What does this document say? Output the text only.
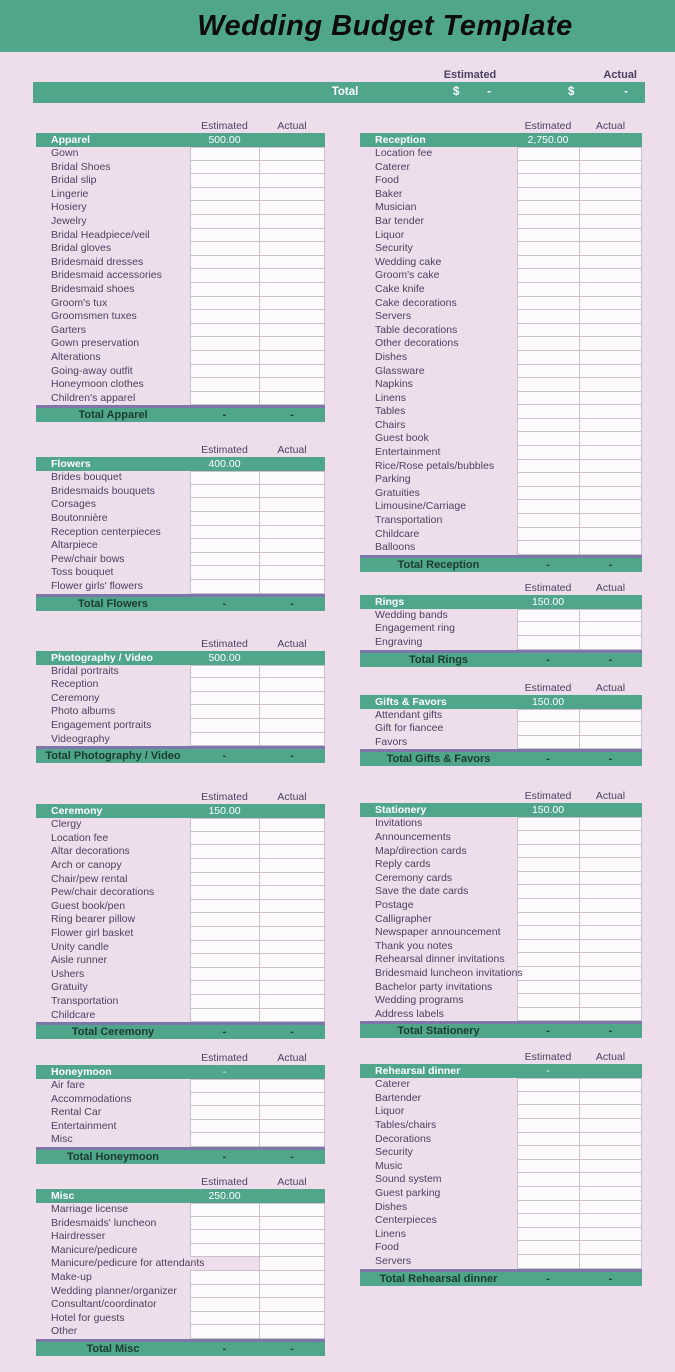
Wedding Budget Template
Estimated	Actual
Total	$	-	$	-
Estimated	Actual
Apparel	500.00
Gown
Bridal Shoes
Bridal slip
Lingerie
Hosiery
Jewelry
Bridal Headpiece/veil
Bridal gloves
Bridesmaid dresses
Bridesmaid accessories
Bridesmaid shoes
Groom's tux
Groomsmen tuxes
Garters
Gown preservation
Alterations
Going-away outfit
Honeymoon clothes
Children's apparel
Total Apparel	-	-
Estimated	Actual
Flowers	400.00
Brides bouquet
Bridesmaids bouquets
Corsages
Boutonnière
Reception centerpieces
Altarpiece
Pew/chair bows
Toss bouquet
Flower girls' flowers
Total Flowers	-	-
Estimated	Actual
Photography / Video	500.00
Bridal portraits
Reception
Ceremony
Photo albums
Engagement portraits
Videography
Total Photography / Video	-	-
Estimated	Actual
Ceremony	150.00
Clergy
Location fee
Altar decorations
Arch or canopy
Chair/pew rental
Pew/chair decorations
Guest book/pen
Ring bearer pillow
Flower girl basket
Unity candle
Aisle runner
Ushers
Gratuity
Transportation
Childcare
Total Ceremony	-	-
Estimated	Actual
Honeymoon	-
Air fare
Accommodations
Rental Car
Entertainment
Misc
Total Honeymoon	-	-
Estimated	Actual
Misc	250.00
Marriage license
Bridesmaids' luncheon
Hairdresser
Manicure/pedicure
Manicure/pedicure for attendants
Make-up
Wedding planner/organizer
Consultant/coordinator
Hotel for guests
Other
Total Misc	-	-
Estimated	Actual
Reception	2,750.00
Location fee
Caterer
Food
Baker
Musician
Bar tender
Liquor
Security
Wedding cake
Groom's cake
Cake knife
Cake decorations
Servers
Table decorations
Other decorations
Dishes
Glassware
Napkins
Linens
Tables
Chairs
Guest book
Entertainment
Rice/Rose petals/bubbles
Parking
Gratuities
Limousine/Carriage
Transportation
Childcare
Balloons
Total Reception	-	-
Estimated	Actual
Rings	150.00
Wedding bands
Engagement ring
Engraving
Total Rings	-	-
Estimated	Actual
Gifts & Favors	150.00
Attendant gifts
Gift for fiancee
Favors
Total Gifts & Favors	-	-
Estimated	Actual
Stationery	150.00
Invitations
Announcements
Map/direction cards
Reply cards
Ceremony cards
Save the date cards
Postage
Calligrapher
Newspaper announcement
Thank you notes
Rehearsal dinner invitations
Bridesmaid luncheon invitations
Bachelor party invitations
Wedding programs
Address labels
Total Stationery	-	-
Estimated	Actual
Rehearsal dinner	-
Caterer
Bartender
Liquor
Tables/chairs
Decorations
Security
Music
Sound system
Guest parking
Dishes
Centerpieces
Linens
Food
Servers
Total Rehearsal dinner	-	-
